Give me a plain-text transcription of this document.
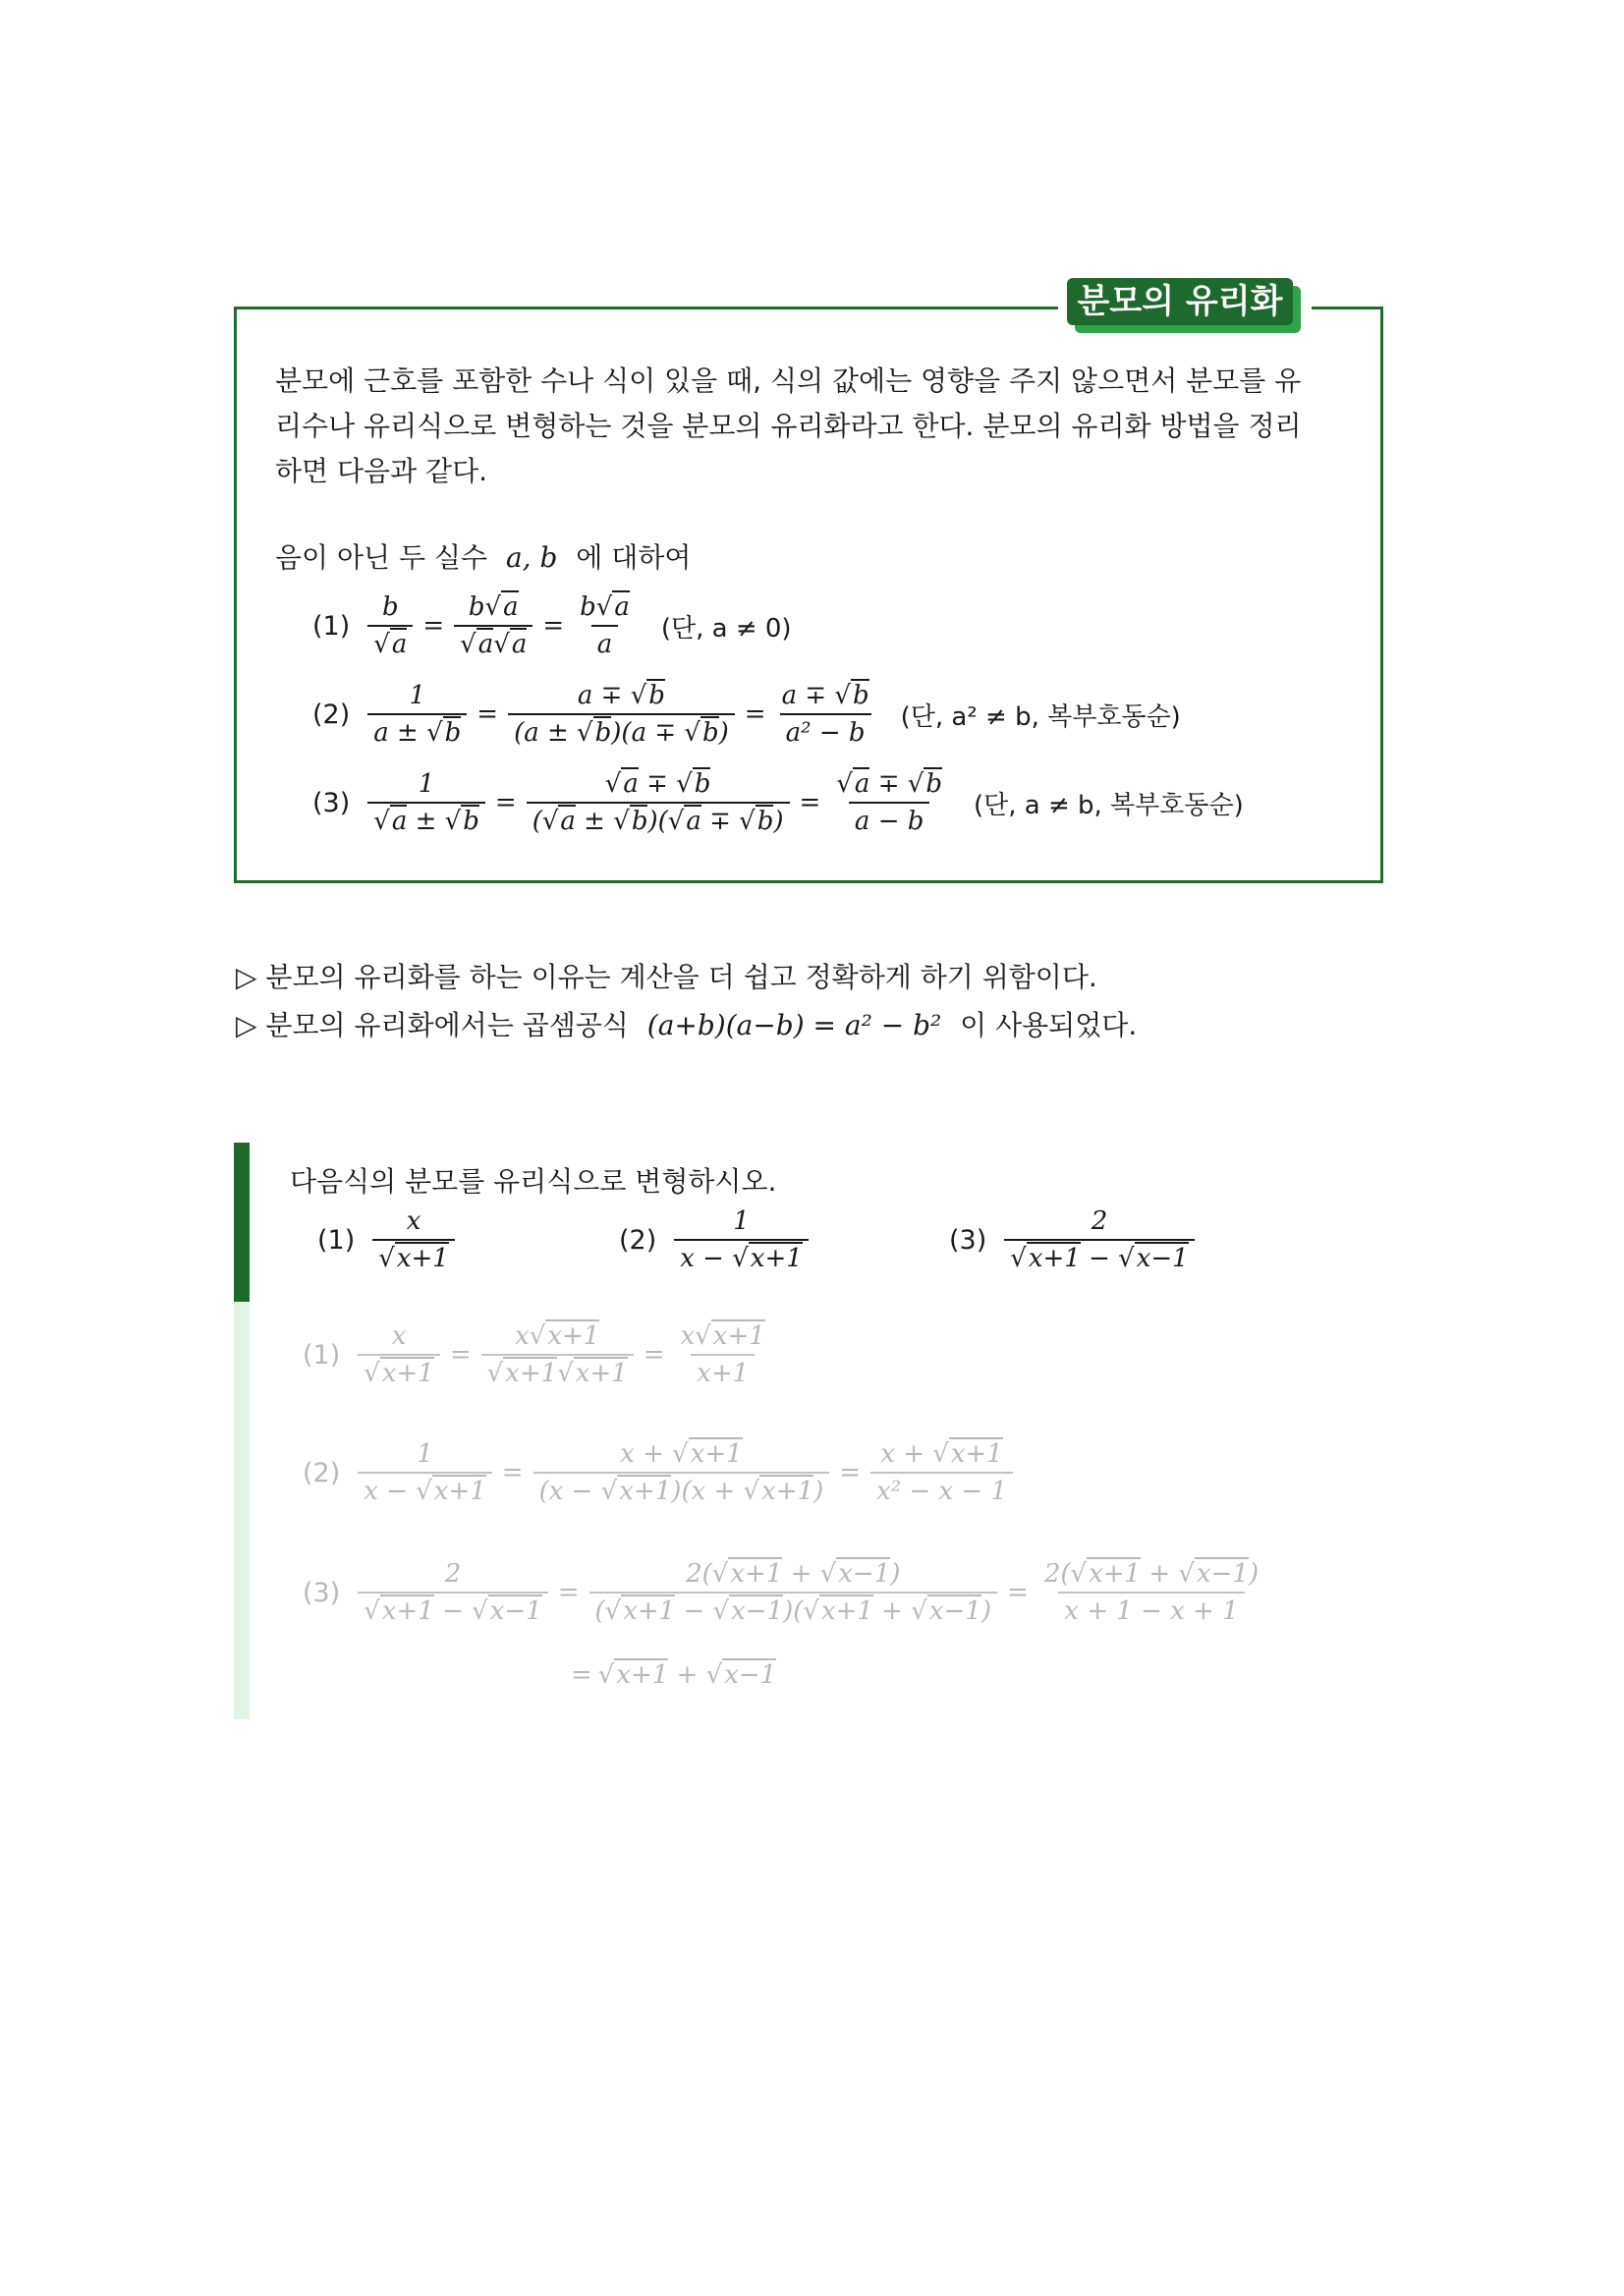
분모의 유리화

분모에 근호를 포함한 수나 식이 있을 때, 식의 값에는 영향을 주지 않으면서 분모를 유리수나 유리식으로 변형하는 것을 분모의 유리화라고 한다. 분모의 유리화 방법을 정리하면 다음과 같다.

음이 아닌 두 실수 a, b 에 대하여
$(1) \frac{b}{√a} = \frac{b√a}{√a√a} = \frac{b√a}{a}$ (단, a ≠ 0)
$(2) \frac{1}{a \pm √b} = \frac{a \mp √b}{(a \pm √b)(a \mp √b)} = \frac{a \mp √b}{\text{a² − b}}$ (단, a² ≠ b, 복부호동순)
$(3) \frac{1}{√a \pm √b} = \frac{√a \mp √b}{(√a \pm √b)(√a \mp √b)} = \frac{√a \mp √b}{a - b}$ (단, a ≠ b, 복부호동순)
▷ 분모의 유리화를 하는 이유는 계산을 더 쉽고 정확하게 하기 위함이다.
▷ 분모의 유리화에서는 곱셈공식 (a+b)(a−b) = a² − b² 이 사용되었다.
다음식의 분모를 유리식으로 변형하시오.
$(1) \frac{x}{√x+1}$	$(2) \frac{1}{x - √x+1}$	$(3) \frac{2}{√x+1 - √x-1}$
$(1) \frac{x}{√x+1} = \frac{x√x+1}{√x+1√x+1} = \frac{x√x+1}{x+1}$
$(2) \frac{1}{x - √x+1} = \frac{x + √x+1}{(x - √x+1)(x + √x+1)} = \frac{x + √x+1}{\text{x² − x − 1}}$
$(3) \frac{2}{√x+1 - √x-1} = \frac{2(√x+1 + √x-1)}{(√x+1 - √x-1)(√x+1 + √x-1)} = \frac{2(√x+1 + √x-1)}{x + 1 - x + 1}$
= √x+1 + √x−1
